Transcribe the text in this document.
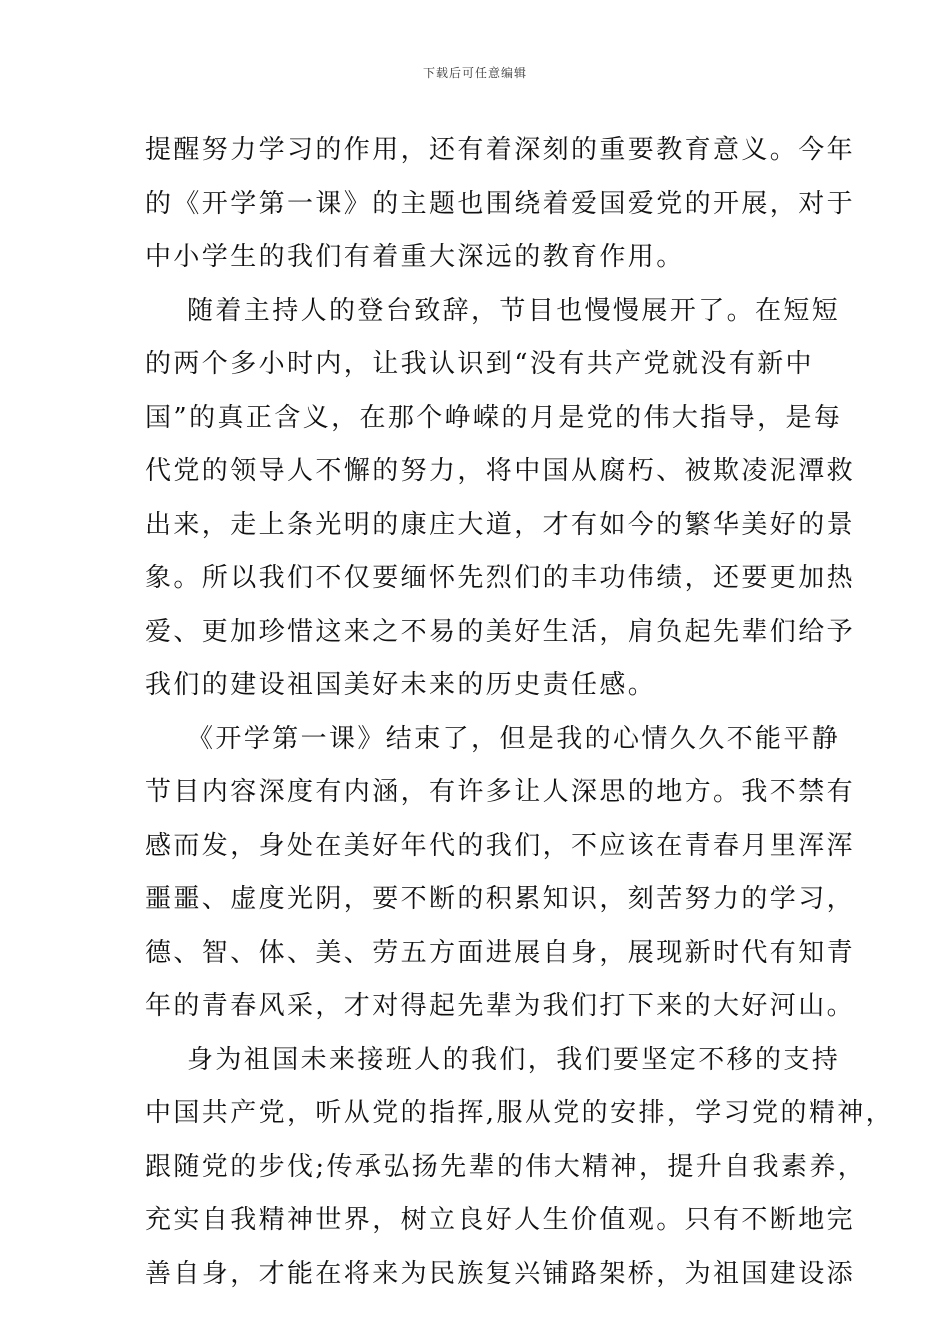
下载后可任意编辑
提醒努力学习的作用，还有着深刻的重要教育意义。今年
的《开学第一课》的主题也围绕着爱国爱党的开展，对于
中小学生的我们有着重大深远的教育作用。
随着主持人的登台致辞，节目也慢慢展开了。在短短
的两个多小时内，让我认识到“没有共产党就没有新中
国”的真正含义，在那个峥嵘的月是党的伟大指导，是每
代党的领导人不懈的努力，将中国从腐朽、被欺凌泥潭救
出来，走上条光明的康庄大道，才有如今的繁华美好的景
象。所以我们不仅要缅怀先烈们的丰功伟绩，还要更加热
爱、更加珍惜这来之不易的美好生活，肩负起先辈们给予
我们的建设祖国美好未来的历史责任感。
《开学第一课》结束了，但是我的心情久久不能平静
节目内容深度有内涵，有许多让人深思的地方。我不禁有
感而发，身处在美好年代的我们，不应该在青春月里浑浑
噩噩、虚度光阴，要不断的积累知识，刻苦努力的学习，
德、智、体、美、劳五方面进展自身，展现新时代有知青
年的青春风采，才对得起先辈为我们打下来的大好河山。
身为祖国未来接班人的我们，我们要坚定不移的支持
中国共产党，听从党的指挥,服从党的安排，学习党的精神，
跟随党的步伐;传承弘扬先辈的伟大精神，提升自我素养，
充实自我精神世界，树立良好人生价值观。只有不断地完
善自身，才能在将来为民族复兴铺路架桥，为祖国建设添
